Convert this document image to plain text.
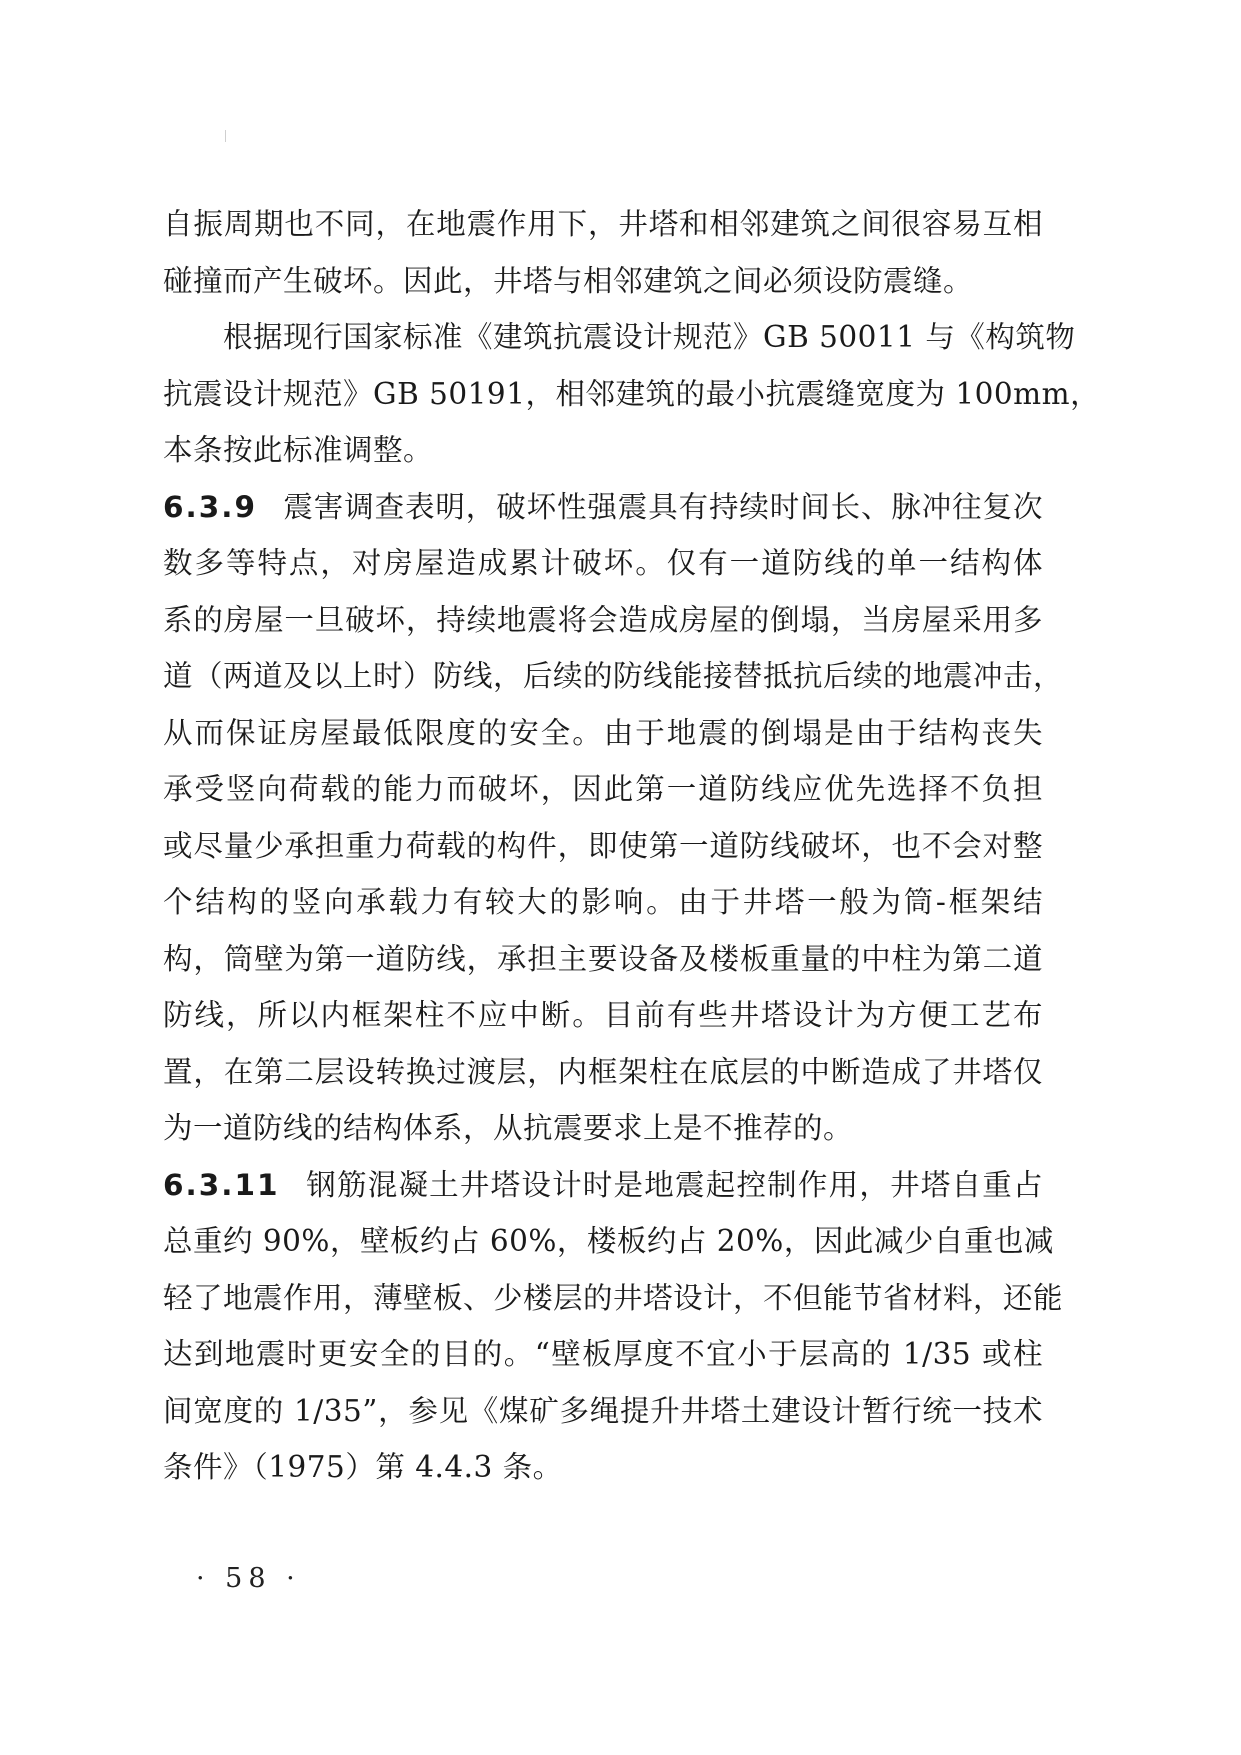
自振周期也不同，在地震作用下，井塔和相邻建筑之间很容易互相
碰撞而产生破坏。因此，井塔与相邻建筑之间必须设防震缝。
根据现行国家标准《建筑抗震设计规范》GB 50011 与《构筑物
抗震设计规范》GB 50191，相邻建筑的最小抗震缝宽度为 100mm，
本条按此标准调整。
6.3.9 震害调查表明，破坏性强震具有持续时间长、脉冲往复次
数多等特点，对房屋造成累计破坏。仅有一道防线的单一结构体
系的房屋一旦破坏，持续地震将会造成房屋的倒塌，当房屋采用多
道（两道及以上时）防线，后续的防线能接替抵抗后续的地震冲击，
从而保证房屋最低限度的安全。由于地震的倒塌是由于结构丧失
承受竖向荷载的能力而破坏，因此第一道防线应优先选择不负担
或尽量少承担重力荷载的构件，即使第一道防线破坏，也不会对整
个结构的竖向承载力有较大的影响。由于井塔一般为筒-框架结
构，筒壁为第一道防线，承担主要设备及楼板重量的中柱为第二道
防线，所以内框架柱不应中断。目前有些井塔设计为方便工艺布
置，在第二层设转换过渡层，内框架柱在底层的中断造成了井塔仅
为一道防线的结构体系，从抗震要求上是不推荐的。
6.3.11 钢筋混凝土井塔设计时是地震起控制作用，井塔自重占
总重约 90%，壁板约占 60%，楼板约占 20%，因此减少自重也减
轻了地震作用，薄壁板、少楼层的井塔设计，不但能节省材料，还能
达到地震时更安全的目的。“壁板厚度不宜小于层高的 1/35 或柱
间宽度的 1/35”，参见《煤矿多绳提升井塔土建设计暂行统一技术
条件》（1975）第 4.4.3 条。
· 58 ·
